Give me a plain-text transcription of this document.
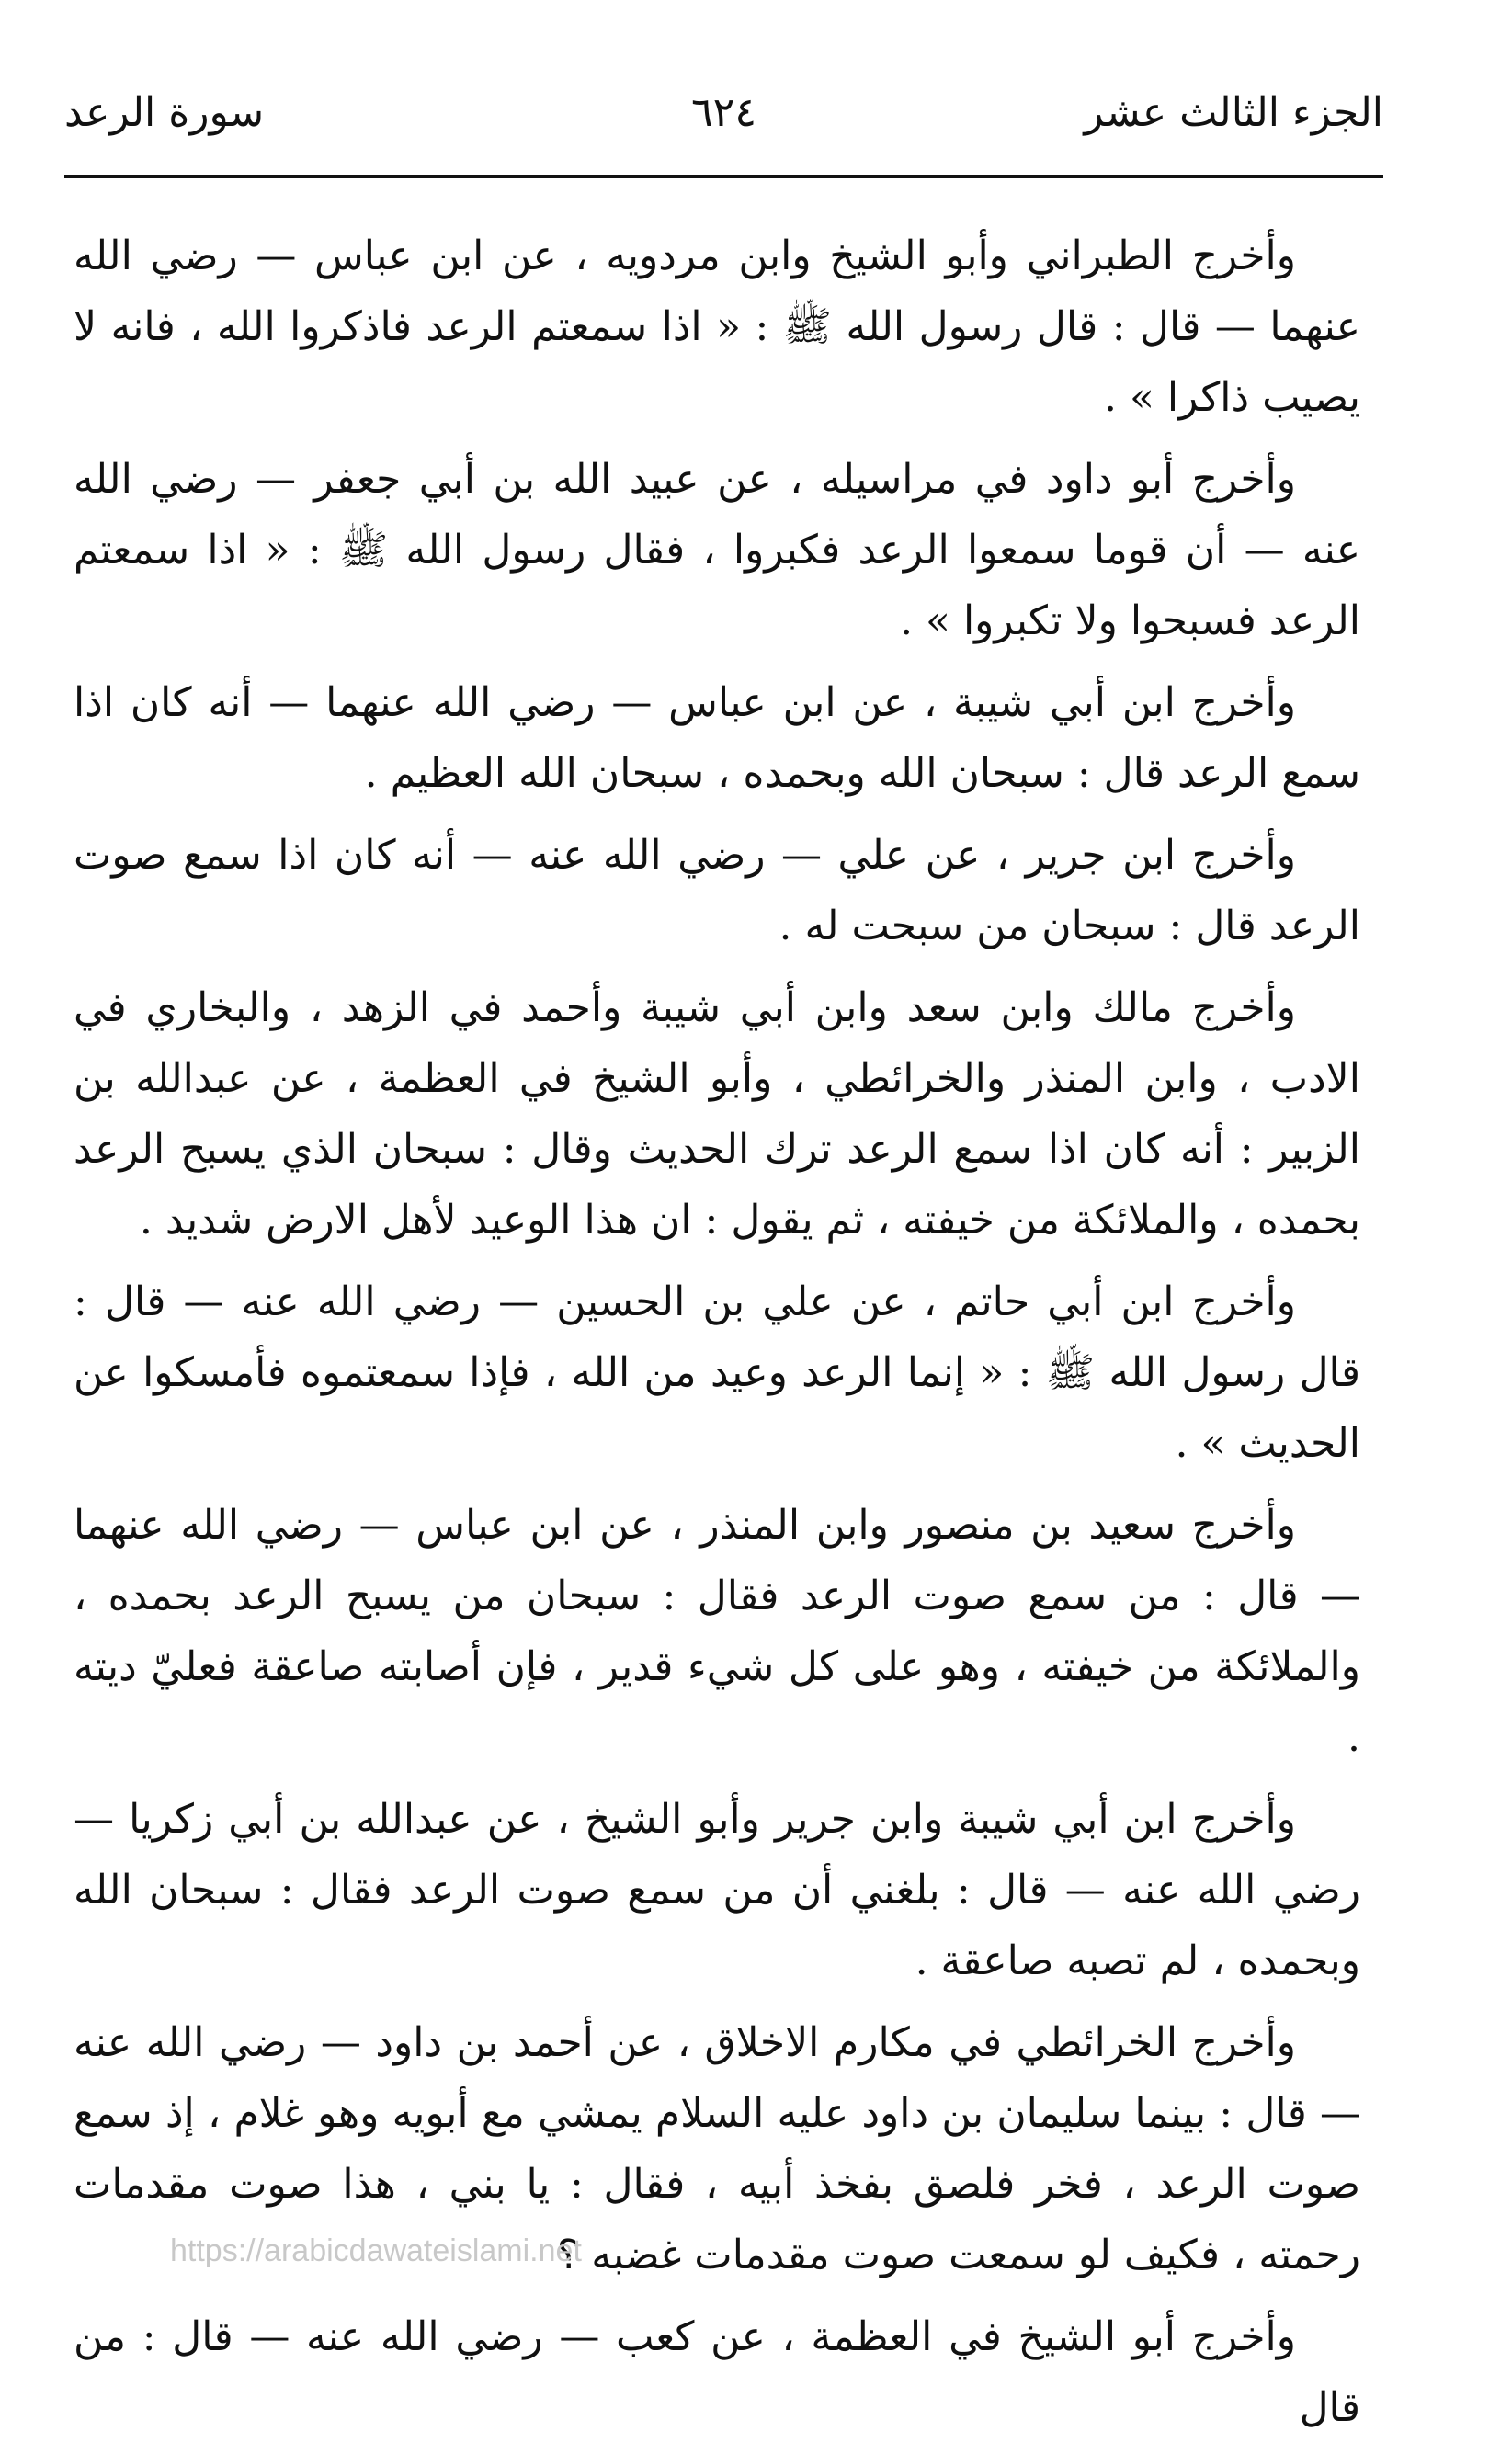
الجزء الثالث عشر
٦٢٤
سورة الرعد

وأخرج الطبراني وأبو الشيخ وابن مردويه ، عن ابن عباس — رضي الله عنهما — قال : قال رسول الله ﷺ : « اذا سمعتم الرعد فاذكروا الله ، فانه لا يصيب ذاكرا » .

وأخرج أبو داود في مراسيله ، عن عبيد الله بن أبي جعفر — رضي الله عنه — أن قوما سمعوا الرعد فكبروا ، فقال رسول الله ﷺ : « اذا سمعتم الرعد فسبحوا ولا تكبروا » .

وأخرج ابن أبي شيبة ، عن ابن عباس — رضي الله عنهما — أنه كان اذا سمع الرعد قال : سبحان الله وبحمده ، سبحان الله العظيم .

وأخرج ابن جرير ، عن علي — رضي الله عنه — أنه كان اذا سمع صوت الرعد قال : سبحان من سبحت له .

وأخرج مالك وابن سعد وابن أبي شيبة وأحمد في الزهد ، والبخاري في الادب ، وابن المنذر والخرائطي ، وأبو الشيخ في العظمة ، عن عبدالله بن الزبير : أنه كان اذا سمع الرعد ترك الحديث وقال : سبحان الذي يسبح الرعد بحمده ، والملائكة من خيفته ، ثم يقول : ان هذا الوعيد لأهل الارض شديد .

وأخرج ابن أبي حاتم ، عن علي بن الحسين — رضي الله عنه — قال : قال رسول الله ﷺ : « إنما الرعد وعيد من الله ، فإذا سمعتموه فأمسكوا عن الحديث » .

وأخرج سعيد بن منصور وابن المنذر ، عن ابن عباس — رضي الله عنهما — قال : من سمع صوت الرعد فقال : سبحان من يسبح الرعد بحمده ، والملائكة من خيفته ، وهو على كل شيء قدير ، فإن أصابته صاعقة فعليّ ديته .

وأخرج ابن أبي شيبة وابن جرير وأبو الشيخ ، عن عبدالله بن أبي زكريا — رضي الله عنه — قال : بلغني أن من سمع صوت الرعد فقال : سبحان الله وبحمده ، لم تصبه صاعقة .

وأخرج الخرائطي في مكارم الاخلاق ، عن أحمد بن داود — رضي الله عنه — قال : بينما سليمان بن داود عليه السلام يمشي مع أبويه وهو غلام ، إذ سمع صوت الرعد ، فخر فلصق بفخذ أبيه ، فقال : يا بني ، هذا صوت مقدمات رحمته ، فكيف لو سمعت صوت مقدمات غضبه ؟

وأخرج أبو الشيخ في العظمة ، عن كعب — رضي الله عنه — قال : من قال

https://arabicdawateislami.net
